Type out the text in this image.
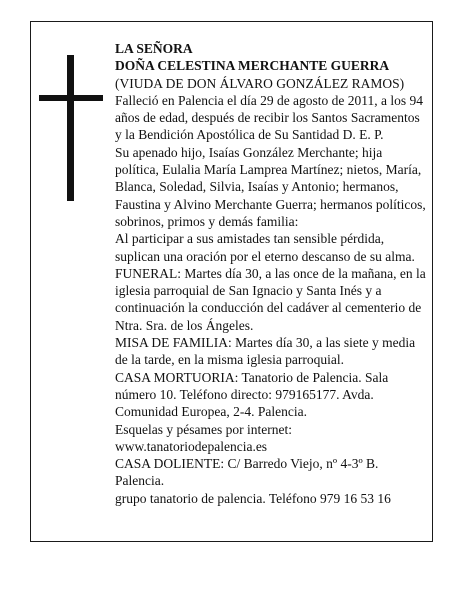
LA SEÑORA

DOÑA CELESTINA MERCHANTE GUERRA

(VIUDA DE DON ÁLVARO GONZÁLEZ RAMOS)

Falleció en Palencia el día 29 de agosto de 2011, a los 94 años de edad, después de recibir los Santos Sacramentos y la Bendición Apostólica de Su Santidad D. E. P.

Su apenado hijo, Isaías González Merchante; hija política, Eulalia María Lamprea Martínez; nietos, María, Blanca, Soledad, Silvia, Isaías y Antonio; hermanos, Faustina y Alvino Merchante Guerra; hermanos políticos, sobrinos, primos y demás familia:

Al participar a sus amistades tan sensible pérdida, suplican una oración por el eterno descanso de su alma.

FUNERAL: Martes día 30, a las once de la mañana, en la iglesia parroquial de San Ignacio y Santa Inés y a continuación la conducción del cadáver al cementerio de Ntra. Sra. de los Ángeles.

MISA DE FAMILIA: Martes día 30, a las siete y media de la tarde, en la misma iglesia parroquial.

CASA MORTUORIA: Tanatorio de Palencia. Sala número 10. Teléfono directo: 979165177. Avda. Comunidad Europea, 2-4. Palencia.

Esquelas y pésames por internet: www.tanatoriodepalencia.es

CASA DOLIENTE: C/ Barredo Viejo, nº 4-3º B. Palencia.

grupo tanatorio de palencia. Teléfono 979 16 53 16
